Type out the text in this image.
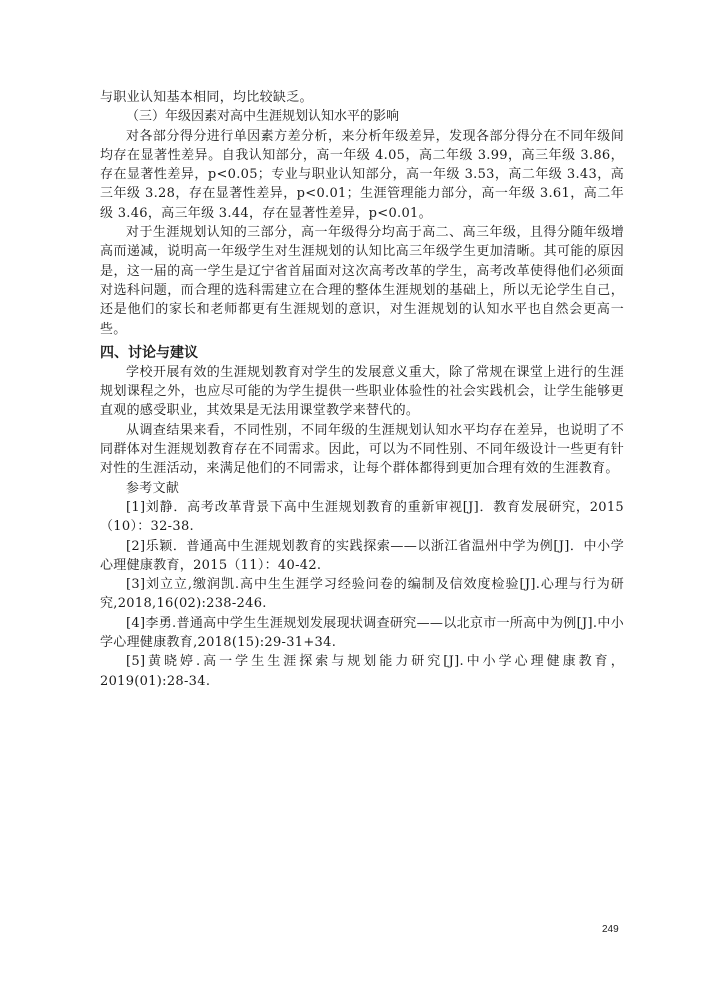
与职业认知基本相同，均比较缺乏。

（三）年级因素对高中生涯规划认知水平的影响

对各部分得分进行单因素方差分析，来分析年级差异，发现各部分得分在不同年级间均存在显著性差异。自我认知部分，高一年级 4.05，高二年级 3.99，高三年级 3.86，存在显著性差异，p<0.05；专业与职业认知部分，高一年级 3.53，高二年级 3.43，高三年级 3.28，存在显著性差异，p<0.01；生涯管理能力部分，高一年级 3.61，高二年级 3.46，高三年级 3.44，存在显著性差异，p<0.01。

对于生涯规划认知的三部分，高一年级得分均高于高二、高三年级，且得分随年级增高而递减，说明高一年级学生对生涯规划的认知比高三年级学生更加清晰。其可能的原因是，这一届的高一学生是辽宁省首届面对这次高考改革的学生，高考改革使得他们必须面对选科问题，而合理的选科需建立在合理的整体生涯规划的基础上，所以无论学生自己，还是他们的家长和老师都更有生涯规划的意识，对生涯规划的认知水平也自然会更高一些。

四、讨论与建议

学校开展有效的生涯规划教育对学生的发展意义重大，除了常规在课堂上进行的生涯规划课程之外，也应尽可能的为学生提供一些职业体验性的社会实践机会，让学生能够更直观的感受职业，其效果是无法用课堂教学来替代的。

从调查结果来看，不同性别，不同年级的生涯规划认知水平均存在差异，也说明了不同群体对生涯规划教育存在不同需求。因此，可以为不同性别、不同年级设计一些更有针对性的生涯活动，来满足他们的不同需求，让每个群体都得到更加合理有效的生涯教育。

参考文献

[1]刘静．高考改革背景下高中生涯规划教育的重新审视[J]．教育发展研究，2015（10）：32-38.

[2]乐颖．普通高中生涯规划教育的实践探索——以浙江省温州中学为例[J]．中小学心理健康教育，2015（11）：40-42.

[3]刘立立,缴润凯.高中生生涯学习经验问卷的编制及信效度检验[J].心理与行为研究,2018,16(02):238-246.

[4]李勇.普通高中学生生涯规划发展现状调查研究——以北京市一所高中为例[J].中小学心理健康教育,2018(15):29-31+34.

[5]黄晓婷.高一学生生涯探索与规划能力研究[J].中小学心理健康教育，2019(01):28-34.

249
